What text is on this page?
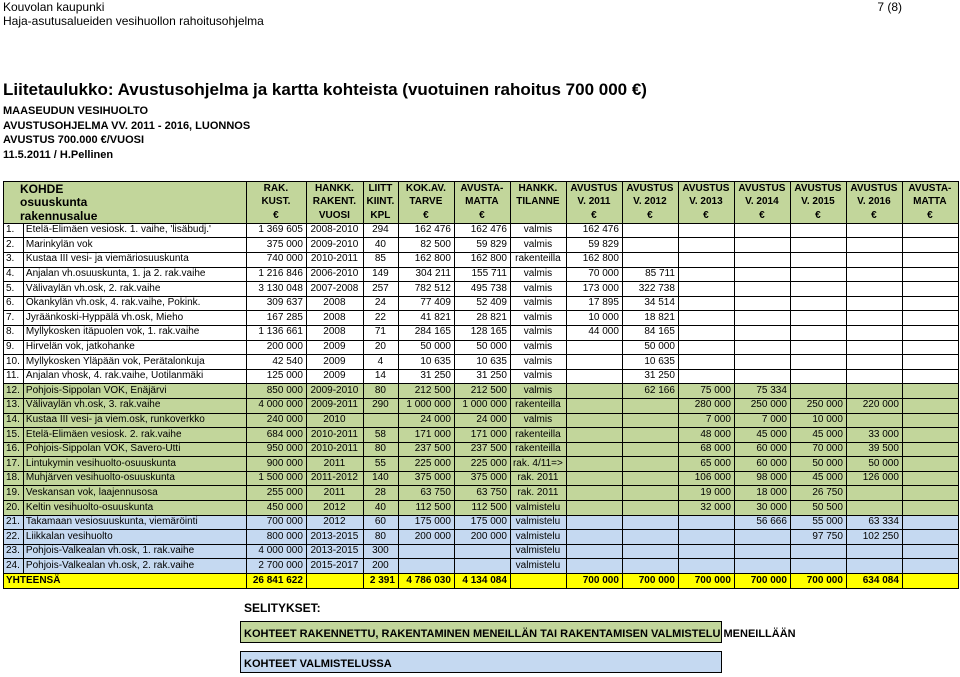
Kouvolan kaupunki
Haja-asutusalueiden vesihuollon rahoitusohjelma
7 (8)
Liitetaulukko: Avustusohjelma ja kartta kohteista (vuotuinen rahoitus 700 000 €)
MAASEUDUN VESIHUOLTO
AVUSTUSOHJELMA VV. 2011 - 2016, LUONNOS
AVUSTUS 700.000 €/VUOSI
11.5.2011 / H.Pellinen
KOHDE		RAK.	HANKK.	LIITT	KOK.AV.	AVUSTA-	HANKK.	AVUSTUS	AVUSTUS	AVUSTUS	AVUSTUS	AVUSTUS	AVUSTUS	AVUSTA-
osuuskunta		KUST.	RAKENT.	KIINT.	TARVE	MATTA	TILANNE	V. 2011	V. 2012	V. 2013	V. 2014	V. 2015	V. 2016	MATTA
rakennusalue		€	VUOSI	KPL	€	€		€	€	€	€	€	€	€
1.	Etelä-Elimäen vesiosk. 1. vaihe, 'lisäbudj.'	1 369 605	2008-2010	294	162 476	162 476	valmis	162 476						
2.	Marinkylän vok	375 000	2009-2010	40	82 500	59 829	valmis	59 829						
3.	Kustaa III vesi- ja viemäriosuuskunta	740 000	2010-2011	85	162 800	162 800	rakenteilla	162 800						
4.	Anjalan vh.osuuskunta, 1. ja 2. rak.vaihe	1 216 846	2006-2010	149	304 211	155 711	valmis	70 000	85 711					
5.	Välivaylän vh.osk, 2. rak.vaihe	3 130 048	2007-2008	257	782 512	495 738	valmis	173 000	322 738					
6.	Okankylän vh.osk, 4. rak.vaihe, Pokink.	309 637	2008	24	77 409	52 409	valmis	17 895	34 514					
7.	Jyräänkoski-Hyppälä vh.osk, Mieho	167 285	2008	22	41 821	28 821	valmis	10 000	18 821					
8.	Myllykosken itäpuolen vok, 1. rak.vaihe	1 136 661	2008	71	284 165	128 165	valmis	44 000	84 165					
9.	Hirvelän vok, jatkohanke	200 000	2009	20	50 000	50 000	valmis		50 000					
10.	Myllykosken Yläpään vok, Perätalonkuja	42 540	2009	4	10 635	10 635	valmis		10 635					
11.	Anjalan vhosk, 4. rak.vaihe, Uotilanmäki	125 000	2009	14	31 250	31 250	valmis		31 250					
12.	Pohjois-Sippolan VOK, Enäjärvi	850 000	2009-2010	80	212 500	212 500	valmis		62 166	75 000	75 334			
13.	Välivaylän vh.osk, 3. rak.vaihe	4 000 000	2009-2011	290	1 000 000	1 000 000	rakenteilla			280 000	250 000	250 000	220 000	
14.	Kustaa III vesi- ja viem.osk, runkoverkko	240 000	2010		24 000	24 000	valmis			7 000	7 000	10 000		
15.	Etelä-Elimäen vesiosk. 2. rak.vaihe	684 000	2010-2011	58	171 000	171 000	rakenteilla			48 000	45 000	45 000	33 000	
16.	Pohjois-Sippolan VOK, Savero-Utti	950 000	2010-2011	80	237 500	237 500	rakenteilla			68 000	60 000	70 000	39 500	
17.	Lintukymin vesihuolto-osuuskunta	900 000	2011	55	225 000	225 000	rak. 4/11=>			65 000	60 000	50 000	50 000	
18.	Muhjärven vesihuolto-osuuskunta	1 500 000	2011-2012	140	375 000	375 000	rak. 2011			106 000	98 000	45 000	126 000	
19.	Veskansan vok, laajennusosa	255 000	2011	28	63 750	63 750	rak. 2011			19 000	18 000	26 750		
20.	Keltin vesihuolto-osuuskunta	450 000	2012	40	112 500	112 500	valmistelu			32 000	30 000	50 500		
21.	Takamaan vesiosuuskunta, viemäröinti	700 000	2012	60	175 000	175 000	valmistelu				56 666	55 000	63 334	
22.	Liikkalan vesihuolto	800 000	2013-2015	80	200 000	200 000	valmistelu					97 750	102 250	
23.	Pohjois-Valkealan vh.osk, 1. rak.vaihe	4 000 000	2013-2015	300			valmistelu							
24.	Pohjois-Valkealan vh.osk, 2. rak.vaihe	2 700 000	2015-2017	200			valmistelu							
YHTEENSÄ		26 841 622		2 391	4 786 030	4 134 084		700 000	700 000	700 000	700 000	700 000	634 084	
SELITYKSET:
KOHTEET RAKENNETTU, RAKENTAMINEN MENEILLÄN TAI RAKENTAMISEN VALMISTELU MENEILLÄÄN
KOHTEET VALMISTELUSSA
